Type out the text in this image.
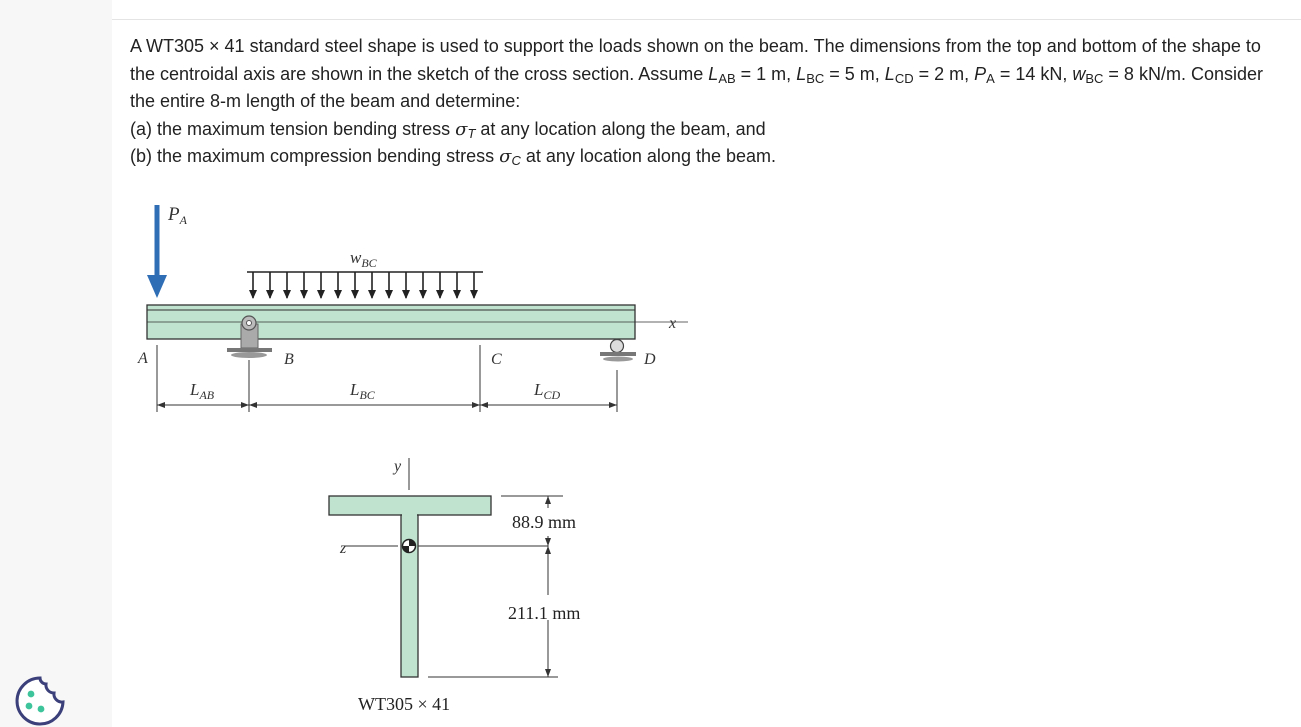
A WT305 × 41 standard steel shape is used to support the loads shown on the beam. The dimensions from the top and bottom of the shape to the centroidal axis are shown in the sketch of the cross section. Assume $L_{AB} = 1$ m, $L_{BC} = 5$ m, $L_{CD} = 2$ m, $P_A = 14$ kN, $w_{BC} = 8$ kN/m. Consider the entire 8-m length of the beam and determine:

(a) the maximum tension bending stress $\sigma_T$ at any location along the beam, and

(b) the maximum compression bending stress $\sigma_C$ at any location along the beam.

$P_A$
$w_{BC}$
x
A	B	C	D
$L_{AB}$	$L_{BC}$	$L_{CD}$
y
z
88.9 mm
211.1 mm
WT305 × 41
